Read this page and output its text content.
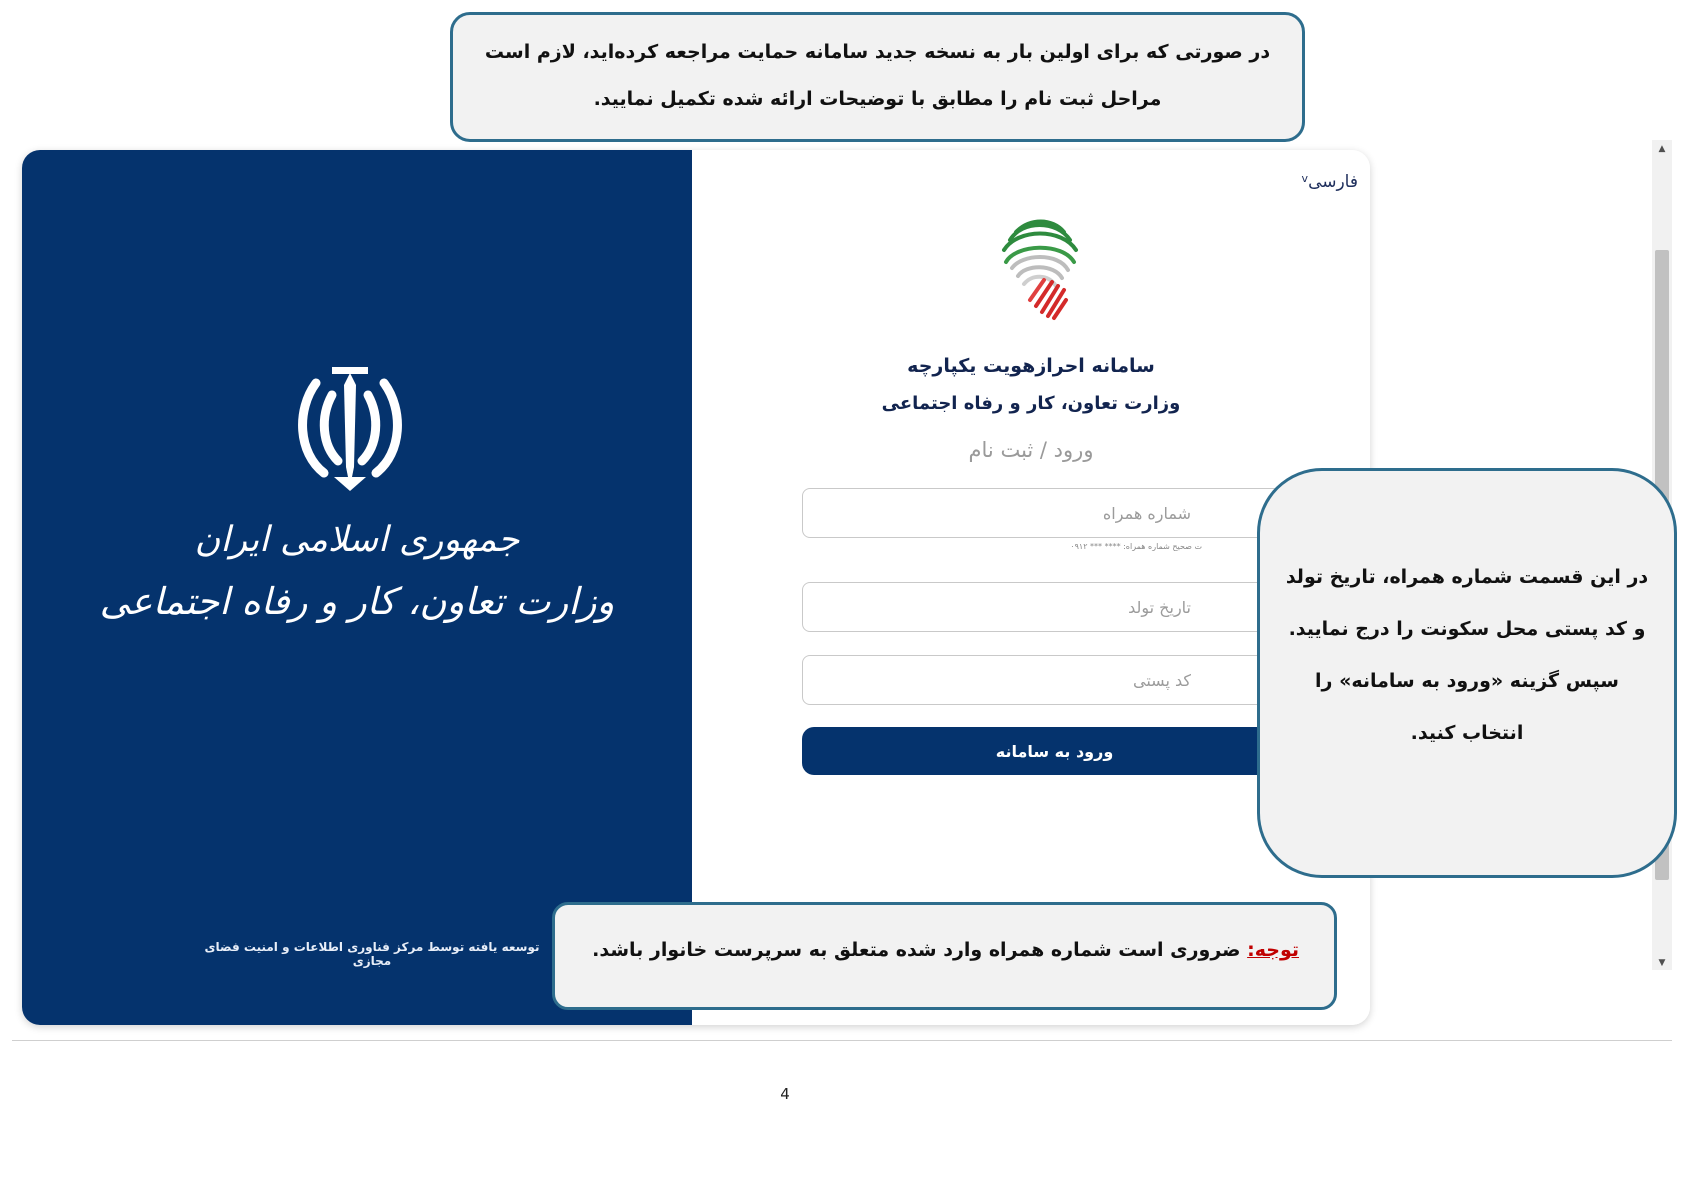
جمهوری اسلامی ایران
وزارت تعاون، کار و رفاه اجتماعی
توسعه یافته توسط مرکز فناوری اطلاعات و امنیت فضای مجازی
فارسی$^v$
سامانه احرازهویت یکپارچه
وزارت تعاون، کار و رفاه اجتماعی
ورود / ثبت نام
شماره همراه
ت صحیح شماره همراه: **** *** ۰۹۱۲
تاریخ تولد
کد پستی
ورود به سامانه
▲
▼
در صورتی که برای اولین بار به نسخه جدید سامانه حمایت مراجعه کرده‌اید، لازم است
مراحل ثبت نام را مطابق با توضیحات ارائه شده تکمیل نمایید.
در این قسمت شماره همراه، تاریخ تولد و کد پستی محل سکونت را درج نمایید. سپس گزینه «ورود به سامانه» را انتخاب کنید.
توجه: ضروری است شماره همراه وارد شده متعلق به سرپرست خانوار باشد.
4
